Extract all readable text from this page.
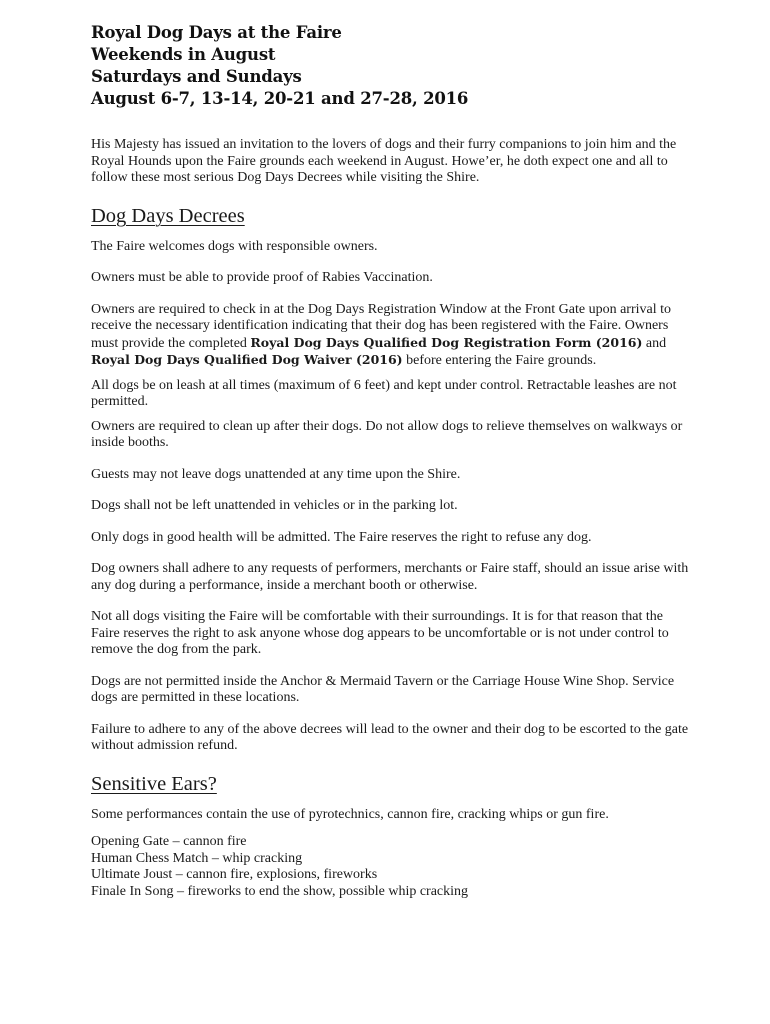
Royal Dog Days at the Faire
Weekends in August
Saturdays and Sundays
August 6-7, 13-14, 20-21 and 27-28, 2016

His Majesty has issued an invitation to the lovers of dogs and their furry companions to join him and the Royal Hounds upon the Faire grounds each weekend in August. Howe’er, he doth expect one and all to follow these most serious Dog Days Decrees while visiting the Shire.

Dog Days Decrees

The Faire welcomes dogs with responsible owners.

Owners must be able to provide proof of Rabies Vaccination.

Owners are required to check in at the Dog Days Registration Window at the Front Gate upon arrival to receive the necessary identification indicating that their dog has been registered with the Faire. Owners must provide the completed Royal Dog Days Qualified Dog Registration Form (2016) and Royal Dog Days Qualified Dog Waiver (2016) before entering the Faire grounds.

All dogs be on leash at all times (maximum of 6 feet) and kept under control. Retractable leashes are not permitted.

Owners are required to clean up after their dogs. Do not allow dogs to relieve themselves on walkways or inside booths.

Guests may not leave dogs unattended at any time upon the Shire.

Dogs shall not be left unattended in vehicles or in the parking lot.

Only dogs in good health will be admitted. The Faire reserves the right to refuse any dog.

Dog owners shall adhere to any requests of performers, merchants or Faire staff, should an issue arise with any dog during a performance, inside a merchant booth or otherwise.

Not all dogs visiting the Faire will be comfortable with their surroundings. It is for that reason that the Faire reserves the right to ask anyone whose dog appears to be uncomfortable or is not under control to remove the dog from the park.

Dogs are not permitted inside the Anchor & Mermaid Tavern or the Carriage House Wine Shop. Service dogs are permitted in these locations.

Failure to adhere to any of the above decrees will lead to the owner and their dog to be escorted to the gate without admission refund.

Sensitive Ears?

Some performances contain the use of pyrotechnics, cannon fire, cracking whips or gun fire.

Opening Gate – cannon fire
Human Chess Match – whip cracking
Ultimate Joust – cannon fire, explosions, fireworks
Finale In Song – fireworks to end the show, possible whip cracking
